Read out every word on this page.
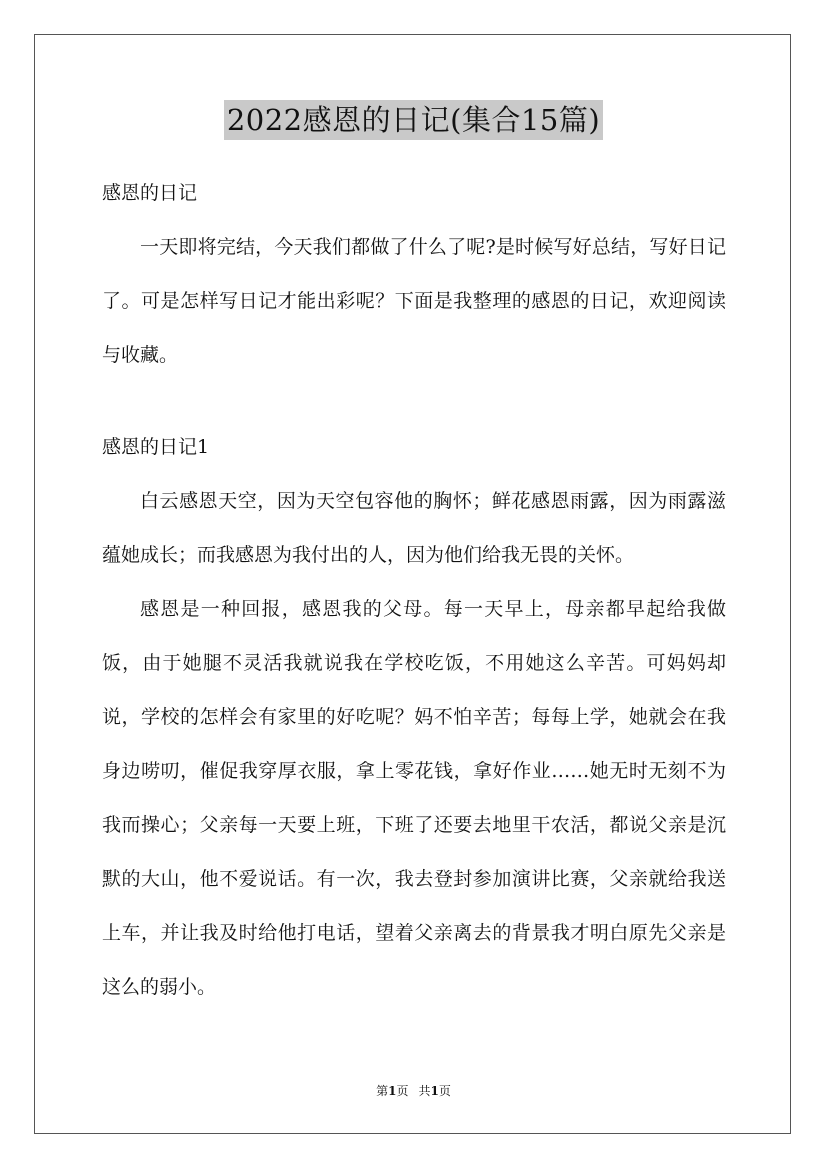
2022感恩的日记(集合15篇)

感恩的日记

一天即将完结，今天我们都做了什么了呢?是时候写好总结，写好日记了。可是怎样写日记才能出彩呢？下面是我整理的感恩的日记，欢迎阅读与收藏。

感恩的日记1

白云感恩天空，因为天空包容他的胸怀；鲜花感恩雨露，因为雨露滋蕴她成长；而我感恩为我付出的人，因为他们给我无畏的关怀。

感恩是一种回报，感恩我的父母。每一天早上，母亲都早起给我做饭，由于她腿不灵活我就说我在学校吃饭，不用她这么辛苦。可妈妈却说，学校的怎样会有家里的好吃呢？妈不怕辛苦；每每上学，她就会在我身边唠叨，催促我穿厚衣服，拿上零花钱，拿好作业……她无时无刻不为我而操心；父亲每一天要上班，下班了还要去地里干农活，都说父亲是沉默的大山，他不爱说话。有一次，我去登封参加演讲比赛，父亲就给我送上车，并让我及时给他打电话，望着父亲离去的背景我才明白原先父亲是这么的弱小。

第1页 共1页
